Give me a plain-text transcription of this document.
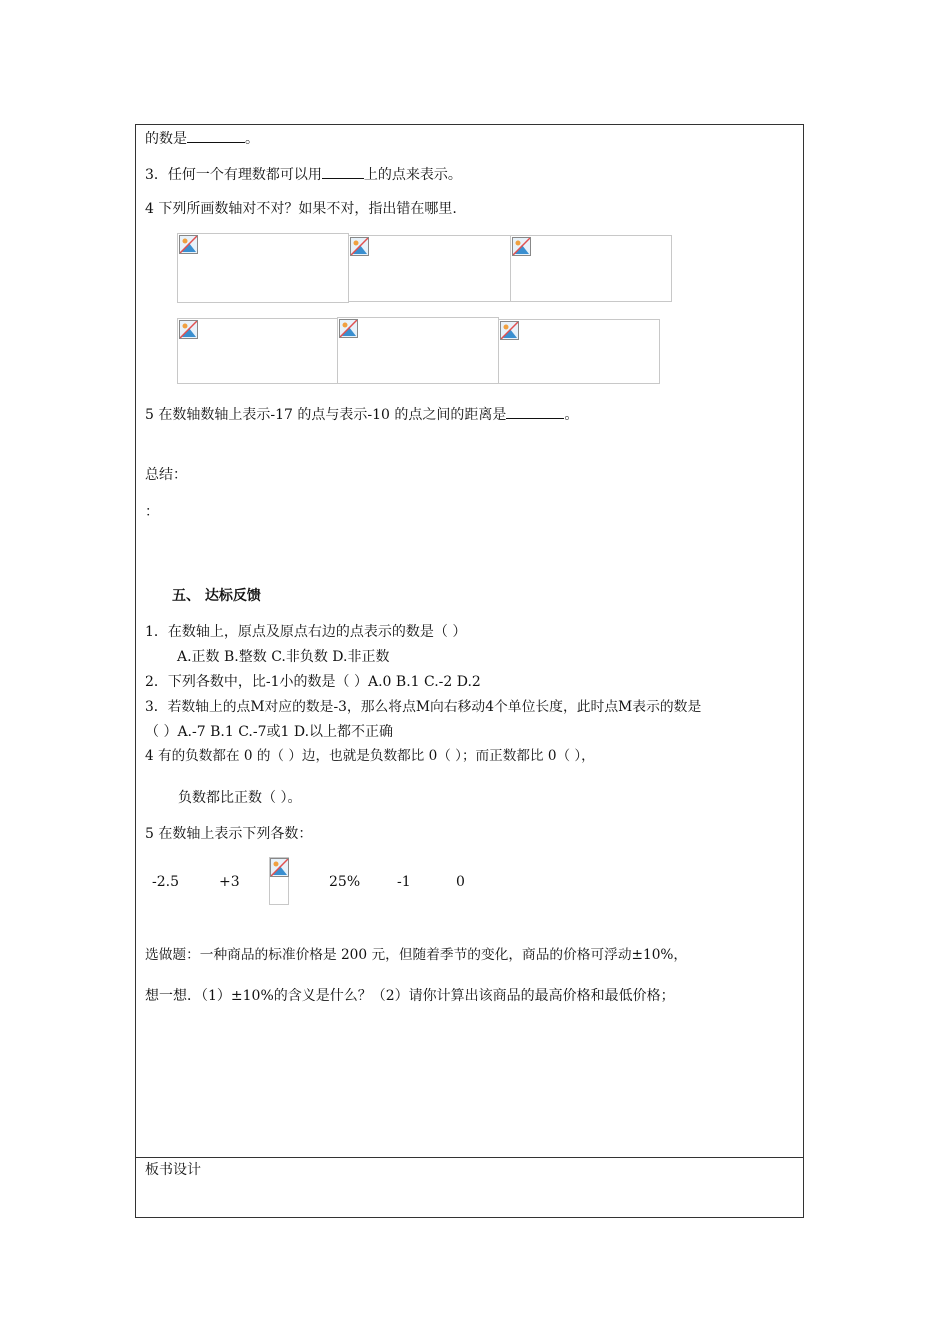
的数是	。
3．任何一个有理数都可以用	上的点来表示。
4 下列所画数轴对不对？如果不对，指出错在哪里.
5 在数轴数轴上表示-17 的点与表示-10 的点之间的距离是	。
总结：
：
五、 达标反馈
1．在数轴上，原点及原点右边的点表示的数是（ ）
A.正数 B.整数 C.非负数 D.非正数
2．下列各数中，比-1小的数是（ ）A.0 B.1 C.-2 D.2
3．若数轴上的点M对应的数是-3，那么将点M向右移动4个单位长度，此时点M表示的数是
（ ）A.-7 B.1 C.-7或1 D.以上都不正确
4 有的负数都在 0 的（ ）边，也就是负数都比 0（ ）；而正数都比 0（ ），
负数都比正数（ ）。
5 在数轴上表示下列各数：
-2.5	+3	25%	-1	0
选做题：一种商品的标准价格是 200 元，但随着季节的变化，商品的价格可浮动±10%，
想一想．（1）±10%的含义是什么？（2）请你计算出该商品的最高价格和最低价格；
板书设计
